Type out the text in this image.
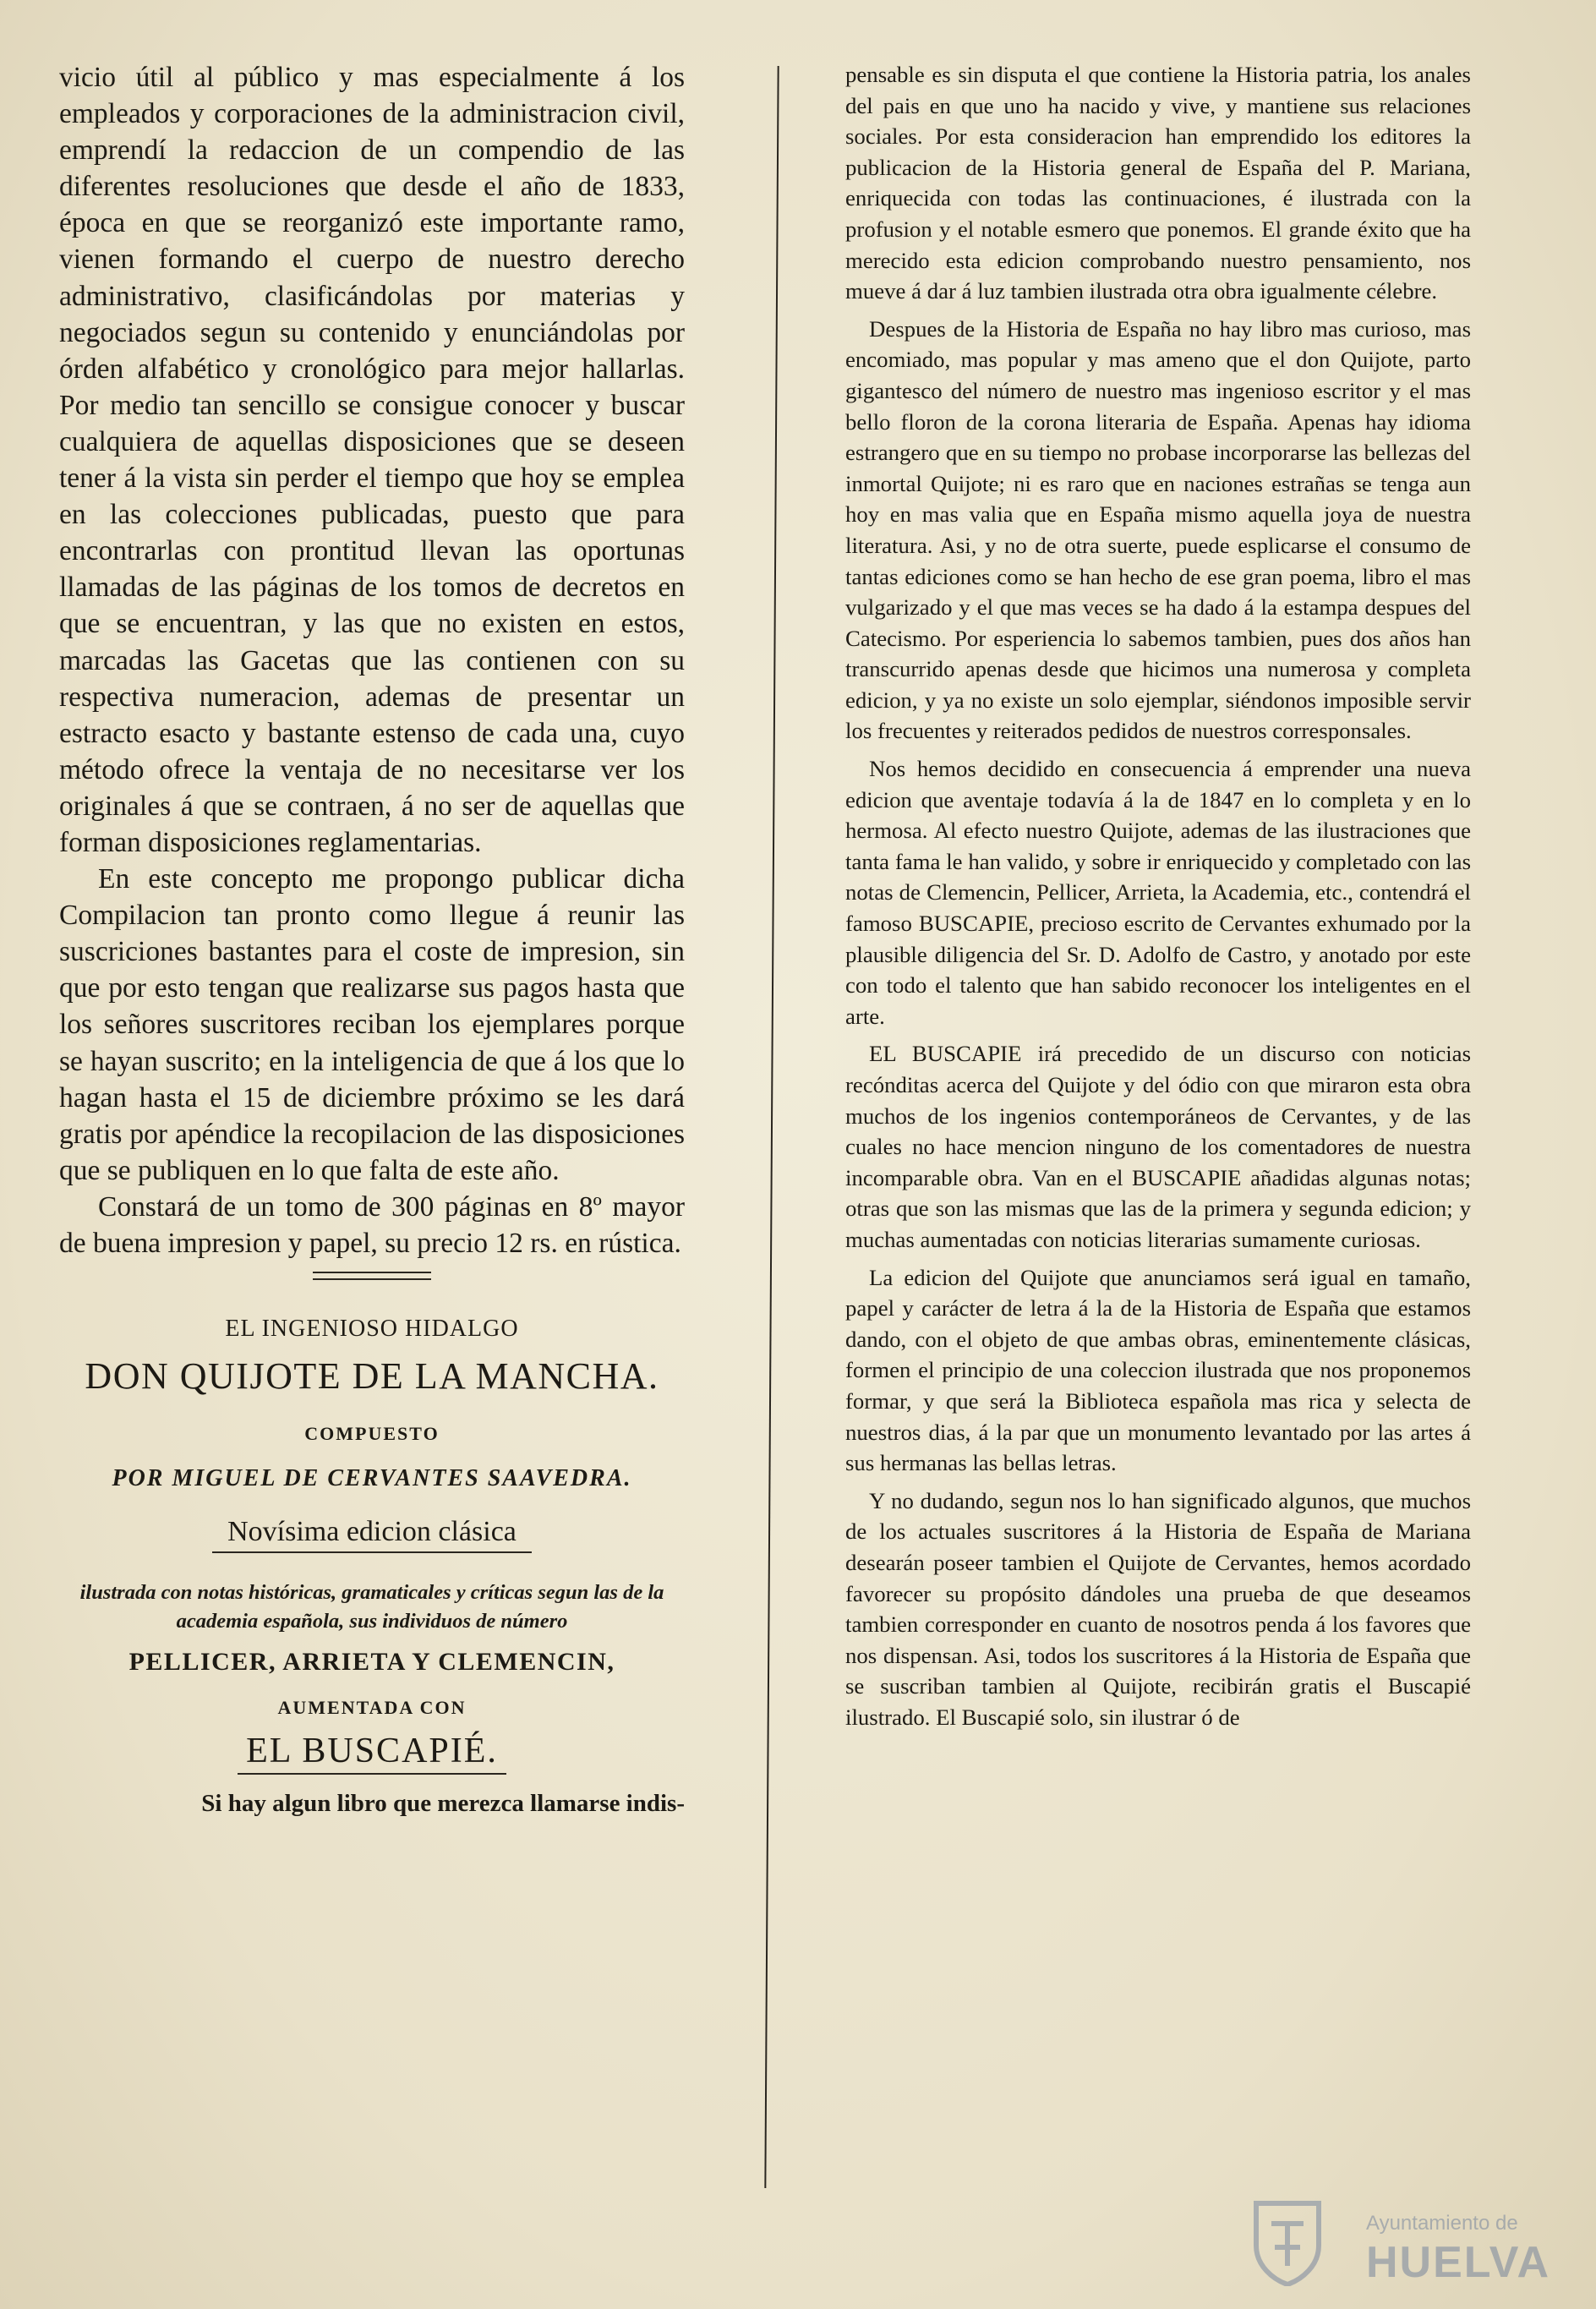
vicio útil al público y mas especialmente á los empleados y corporaciones de la administracion civil, emprendí la redaccion de un compendio de las diferentes resoluciones que desde el año de 1833, época en que se reorganizó este importante ramo, vienen formando el cuerpo de nuestro derecho administrativo, clasificándolas por materias y negociados segun su contenido y enunciándolas por órden alfabético y cronológico para mejor hallarlas. Por medio tan sencillo se consigue conocer y buscar cualquiera de aquellas disposiciones que se deseen tener á la vista sin perder el tiempo que hoy se emplea en las colecciones publicadas, puesto que para encontrarlas con prontitud llevan las oportunas llamadas de las páginas de los tomos de decretos en que se encuentran, y las que no existen en estos, marcadas las Gacetas que las contienen con su respectiva numeracion, ademas de presentar un estracto esacto y bastante estenso de cada una, cuyo método ofrece la ventaja de no necesitarse ver los originales á que se contraen, á no ser de aquellas que forman disposiciones reglamentarias.

En este concepto me propongo publicar dicha Compilacion tan pronto como llegue á reunir las suscriciones bastantes para el coste de impresion, sin que por esto tengan que realizarse sus pagos hasta que los señores suscritores reciban los ejemplares porque se hayan suscrito; en la inteligencia de que á los que lo hagan hasta el 15 de diciembre próximo se les dará gratis por apéndice la recopilacion de las disposiciones que se publiquen en lo que falta de este año.

Constará de un tomo de 300 páginas en 8º mayor de buena impresion y papel, su precio 12 rs. en rústica.

EL INGENIOSO HIDALGO

DON QUIJOTE DE LA MANCHA.

COMPUESTO

POR MIGUEL DE CERVANTES SAAVEDRA.

Novísima edicion clásica

ilustrada con notas históricas, gramaticales y críticas segun las de la academia española, sus individuos de número

PELLICER, ARRIETA Y CLEMENCIN,

AUMENTADA CON

EL BUSCAPIÉ.

Si hay algun libro que merezca llamarse indis-

pensable es sin disputa el que contiene la Historia patria, los anales del pais en que uno ha nacido y vive, y mantiene sus relaciones sociales. Por esta consideracion han emprendido los editores la publicacion de la Historia general de España del P. Mariana, enriquecida con todas las continuaciones, é ilustrada con la profusion y el notable esmero que ponemos. El grande éxito que ha merecido esta edicion comprobando nuestro pensamiento, nos mueve á dar á luz tambien ilustrada otra obra igualmente célebre.

Despues de la Historia de España no hay libro mas curioso, mas encomiado, mas popular y mas ameno que el don Quijote, parto gigantesco del número de nuestro mas ingenioso escritor y el mas bello floron de la corona literaria de España. Apenas hay idioma estrangero que en su tiempo no probase incorporarse las bellezas del inmortal Quijote; ni es raro que en naciones estrañas se tenga aun hoy en mas valia que en España mismo aquella joya de nuestra literatura. Asi, y no de otra suerte, puede esplicarse el consumo de tantas ediciones como se han hecho de ese gran poema, libro el mas vulgarizado y el que mas veces se ha dado á la estampa despues del Catecismo. Por esperiencia lo sabemos tambien, pues dos años han transcurrido apenas desde que hicimos una numerosa y completa edicion, y ya no existe un solo ejemplar, siéndonos imposible servir los frecuentes y reiterados pedidos de nuestros corresponsales.

Nos hemos decidido en consecuencia á emprender una nueva edicion que aventaje todavía á la de 1847 en lo completa y en lo hermosa. Al efecto nuestro Quijote, ademas de las ilustraciones que tanta fama le han valido, y sobre ir enriquecido y completado con las notas de Clemencin, Pellicer, Arrieta, la Academia, etc., contendrá el famoso BUSCAPIE, precioso escrito de Cervantes exhumado por la plausible diligencia del Sr. D. Adolfo de Castro, y anotado por este con todo el talento que han sabido reconocer los inteligentes en el arte.

EL BUSCAPIE irá precedido de un discurso con noticias recónditas acerca del Quijote y del ódio con que miraron esta obra muchos de los ingenios contemporáneos de Cervantes, y de las cuales no hace mencion ninguno de los comentadores de nuestra incomparable obra. Van en el BUSCAPIE añadidas algunas notas; otras que son las mismas que las de la primera y segunda edicion; y muchas aumentadas con noticias literarias sumamente curiosas.

La edicion del Quijote que anunciamos será igual en tamaño, papel y carácter de letra á la de la Historia de España que estamos dando, con el objeto de que ambas obras, eminentemente clásicas, formen el principio de una coleccion ilustrada que nos proponemos formar, y que será la Biblioteca española mas rica y selecta de nuestros dias, á la par que un monumento levantado por las artes á sus hermanas las bellas letras.

Y no dudando, segun nos lo han significado algunos, que muchos de los actuales suscritores á la Historia de España de Mariana desearán poseer tambien el Quijote de Cervantes, hemos acordado favorecer su propósito dándoles una prueba de que deseamos tambien corresponder en cuanto de nosotros penda á los favores que nos dispensan. Asi, todos los suscritores á la Historia de España que se suscriban tambien al Quijote, recibirán gratis el Buscapié ilustrado. El Buscapié solo, sin ilustrar ó de

Ayuntamiento de
HUELVA
